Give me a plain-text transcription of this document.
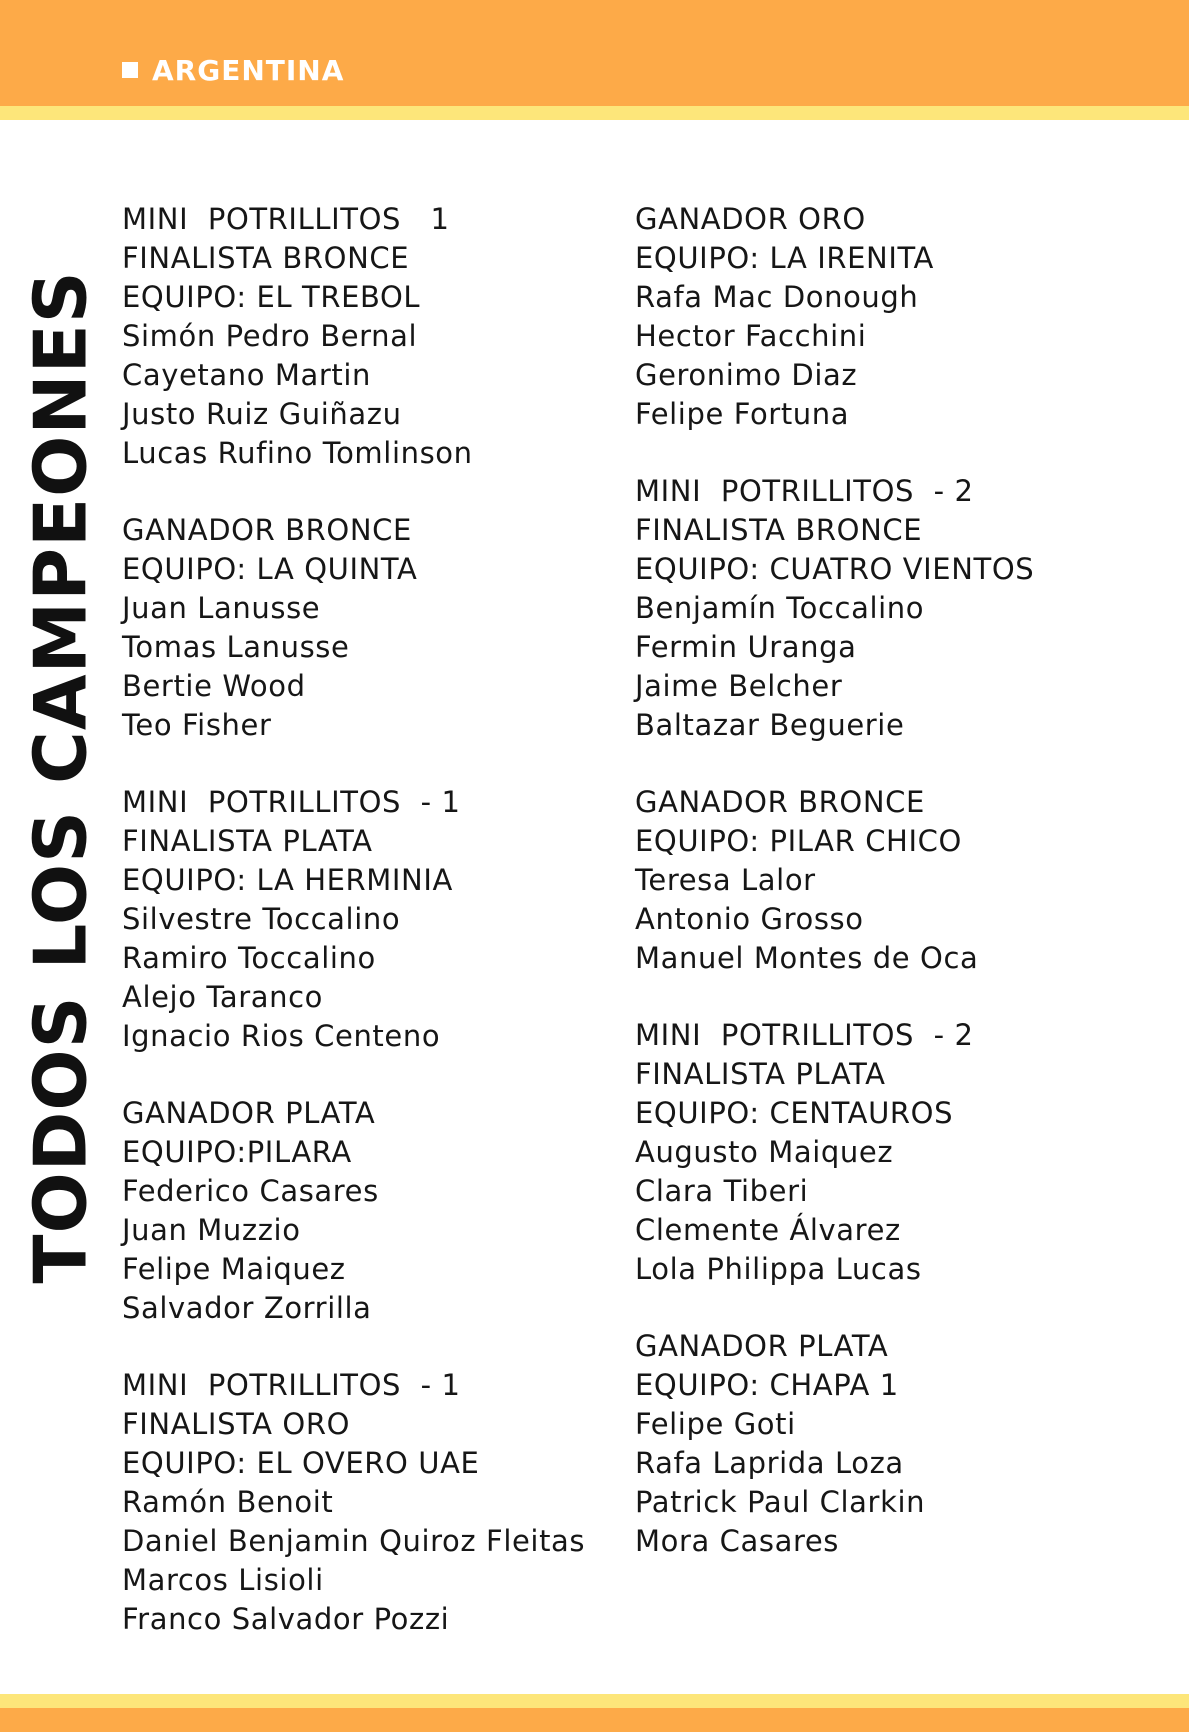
ARGENTINA
TODOS LOS CAMPEONES
MINI  POTRILLITOS   1
FINALISTA BRONCE
EQUIPO: EL TREBOL
Simón Pedro Bernal
Cayetano Martin
Justo Ruiz Guiñazu
Lucas Rufino Tomlinson
GANADOR BRONCE
EQUIPO: LA QUINTA
Juan Lanusse
Tomas Lanusse
Bertie Wood
Teo Fisher
MINI  POTRILLITOS  - 1
FINALISTA PLATA
EQUIPO: LA HERMINIA
Silvestre Toccalino
Ramiro Toccalino
Alejo Taranco
Ignacio Rios Centeno
GANADOR PLATA
EQUIPO:PILARA
Federico Casares
Juan Muzzio
Felipe Maiquez
Salvador Zorrilla
MINI  POTRILLITOS  - 1
FINALISTA ORO
EQUIPO: EL OVERO UAE
Ramón Benoit
Daniel Benjamin Quiroz Fleitas
Marcos Lisioli
Franco Salvador Pozzi
GANADOR ORO
EQUIPO: LA IRENITA
Rafa Mac Donough
Hector Facchini
Geronimo Diaz
Felipe Fortuna
MINI  POTRILLITOS  - 2
FINALISTA BRONCE
EQUIPO: CUATRO VIENTOS
Benjamín Toccalino
Fermin Uranga
Jaime Belcher
Baltazar Beguerie
GANADOR BRONCE
EQUIPO: PILAR CHICO
Teresa Lalor
Antonio Grosso
Manuel Montes de Oca
MINI  POTRILLITOS  - 2
FINALISTA PLATA
EQUIPO: CENTAUROS
Augusto Maiquez
Clara Tiberi
Clemente Álvarez
Lola Philippa Lucas
GANADOR PLATA
EQUIPO: CHAPA 1
Felipe Goti
Rafa Laprida Loza
Patrick Paul Clarkin
Mora Casares
